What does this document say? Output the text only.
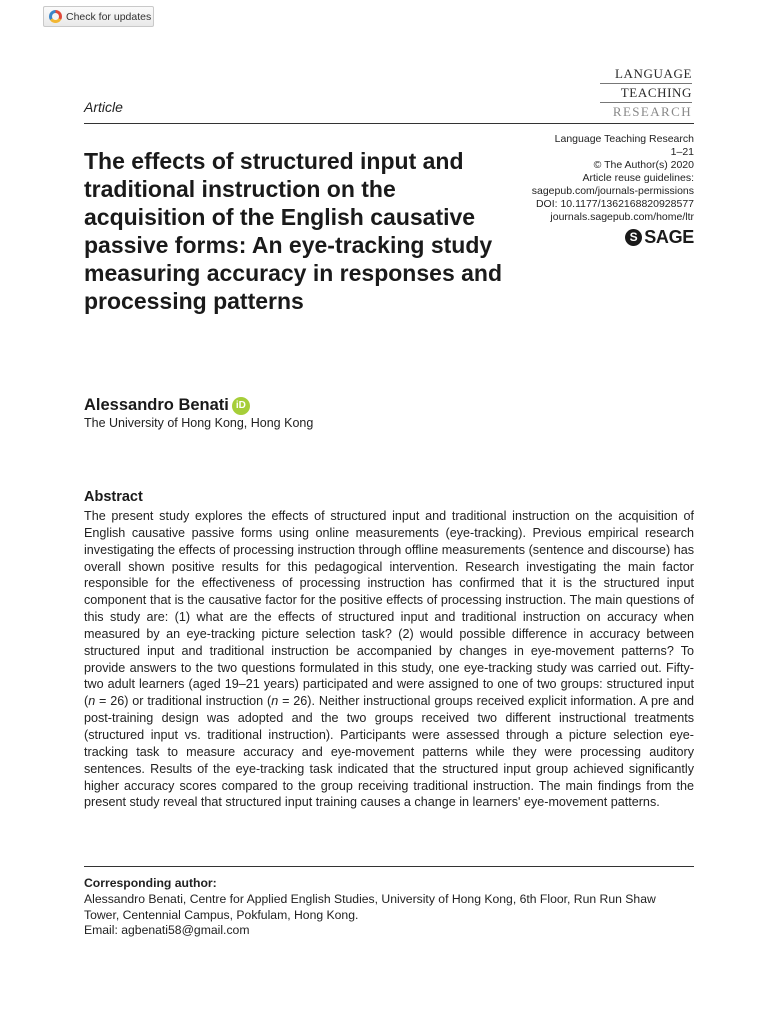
Check for updates
LANGUAGE
TEACHING
RESEARCH
Article
Language Teaching Research
1–21
© The Author(s) 2020
Article reuse guidelines:
sagepub.com/journals-permissions
DOI: 10.1177/1362168820928577
journals.sagepub.com/home/ltr
S SAGE
The effects of structured input and traditional instruction on the acquisition of the English causative passive forms: An eye-tracking study measuring accuracy in responses and processing patterns
Alessandro Benati iD
The University of Hong Kong, Hong Kong
Abstract

The present study explores the effects of structured input and traditional instruction on the acquisition of English causative passive forms using online measurements (eye-tracking). Previous empirical research investigating the effects of processing instruction through offline measurements (sentence and discourse) has overall shown positive results for this pedagogical intervention. Research investigating the main factor responsible for the effectiveness of processing instruction has confirmed that it is the structured input component that is the causative factor for the positive effects of processing instruction. The main questions of this study are: (1) what are the effects of structured input and traditional instruction on accuracy when measured by an eye-tracking picture selection task? (2) would possible difference in accuracy between structured input and traditional instruction be accompanied by changes in eye-movement patterns? To provide answers to the two questions formulated in this study, one eye-tracking study was carried out. Fifty-two adult learners (aged 19–21 years) participated and were assigned to one of two groups: structured input (n = 26) or traditional instruction (n = 26). Neither instructional groups received explicit information. A pre and post-training design was adopted and the two groups received two different instructional treatments (structured input vs. traditional instruction). Participants were assessed through a picture selection eye-tracking task to measure accuracy and eye-movement patterns while they were processing auditory sentences. Results of the eye-tracking task indicated that the structured input group achieved significantly higher accuracy scores compared to the group receiving traditional instruction. The main findings from the present study reveal that structured input training causes a change in learners' eye-movement patterns.

Corresponding author:
Alessandro Benati, Centre for Applied English Studies, University of Hong Kong, 6th Floor, Run Run Shaw Tower, Centennial Campus, Pokfulam, Hong Kong.
Email: agbenati58@gmail.com
